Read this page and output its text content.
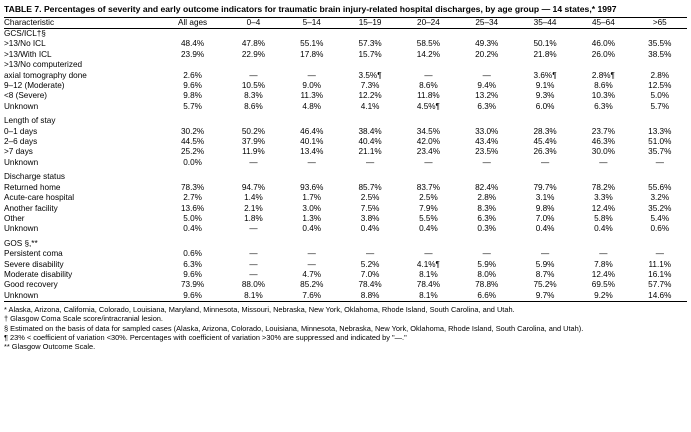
TABLE 7. Percentages of severity and early outcome indicators for traumatic brain injury-related hospital discharges, by age group — 14 states,* 1997
Characteristic	All ages	0–4	5–14	15–19	20–24	25–34	35–44	45–64	>65
GCS/ICL†§									
>13/No ICL	48.4%	47.8%	55.1%	57.3%	58.5%	49.3%	50.1%	46.0%	35.5%
>13/With ICL	23.9%	22.9%	17.8%	15.7%	14.2%	20.2%	21.8%	26.0%	38.5%
>13/No computerized									
axial tomography done	2.6%	—	—	3.5%¶	—	—	3.6%¶	2.8%¶	2.8%
9–12 (Moderate)	9.6%	10.5%	9.0%	7.3%	8.6%	9.4%	9.1%	8.6%	12.5%
<8 (Severe)	9.8%	8.3%	11.3%	12.2%	11.8%	13.2%	9.3%	10.3%	5.0%
Unknown	5.7%	8.6%	4.8%	4.1%	4.5%¶	6.3%	6.0%	6.3%	5.7%

Length of stay									
0–1 days	30.2%	50.2%	46.4%	38.4%	34.5%	33.0%	28.3%	23.7%	13.3%
2–6 days	44.5%	37.9%	40.1%	40.4%	42.0%	43.4%	45.4%	46.3%	51.0%
>7 days	25.2%	11.9%	13.4%	21.1%	23.4%	23.5%	26.3%	30.0%	35.7%
Unknown	0.0%	—	—	—	—	—	—	—	—

Discharge status									
Returned home	78.3%	94.7%	93.6%	85.7%	83.7%	82.4%	79.7%	78.2%	55.6%
Acute-care hospital	2.7%	1.4%	1.7%	2.5%	2.5%	2.8%	3.1%	3.3%	3.2%
Another facility	13.6%	2.1%	3.0%	7.5%	7.9%	8.3%	9.8%	12.4%	35.2%
Other	5.0%	1.8%	1.3%	3.8%	5.5%	6.3%	7.0%	5.8%	5.4%
Unknown	0.4%	—	0.4%	0.4%	0.4%	0.3%	0.4%	0.4%	0.6%

GOS §,**									
Persistent coma	0.6%	—	—	—	—	—	—	—	—
Severe disability	6.3%	—	—	5.2%	4.1%¶	5.9%	5.9%	7.8%	11.1%
Moderate disability	9.6%	—	4.7%	7.0%	8.1%	8.0%	8.7%	12.4%	16.1%
Good recovery	73.9%	88.0%	85.2%	78.4%	78.4%	78.8%	75.2%	69.5%	57.7%
Unknown	9.6%	8.1%	7.6%	8.8%	8.1%	6.6%	9.7%	9.2%	14.6%
* Alaska, Arizona, California, Colorado, Louisiana, Maryland, Minnesota, Missouri, Nebraska, New York, Oklahoma, Rhode Island, South Carolina, and Utah.
† Glasgow Coma Scale score/intracranial lesion.
§ Estimated on the basis of data for sampled cases (Alaska, Arizona, Colorado, Louisiana, Minnesota, Nebraska, New York, Oklahoma, Rhode Island, South Carolina, and Utah).
¶ 23% < coefficient of variation <30%. Percentages with coefficient of variation >30% are suppressed and indicated by "—."
** Glasgow Outcome Scale.
